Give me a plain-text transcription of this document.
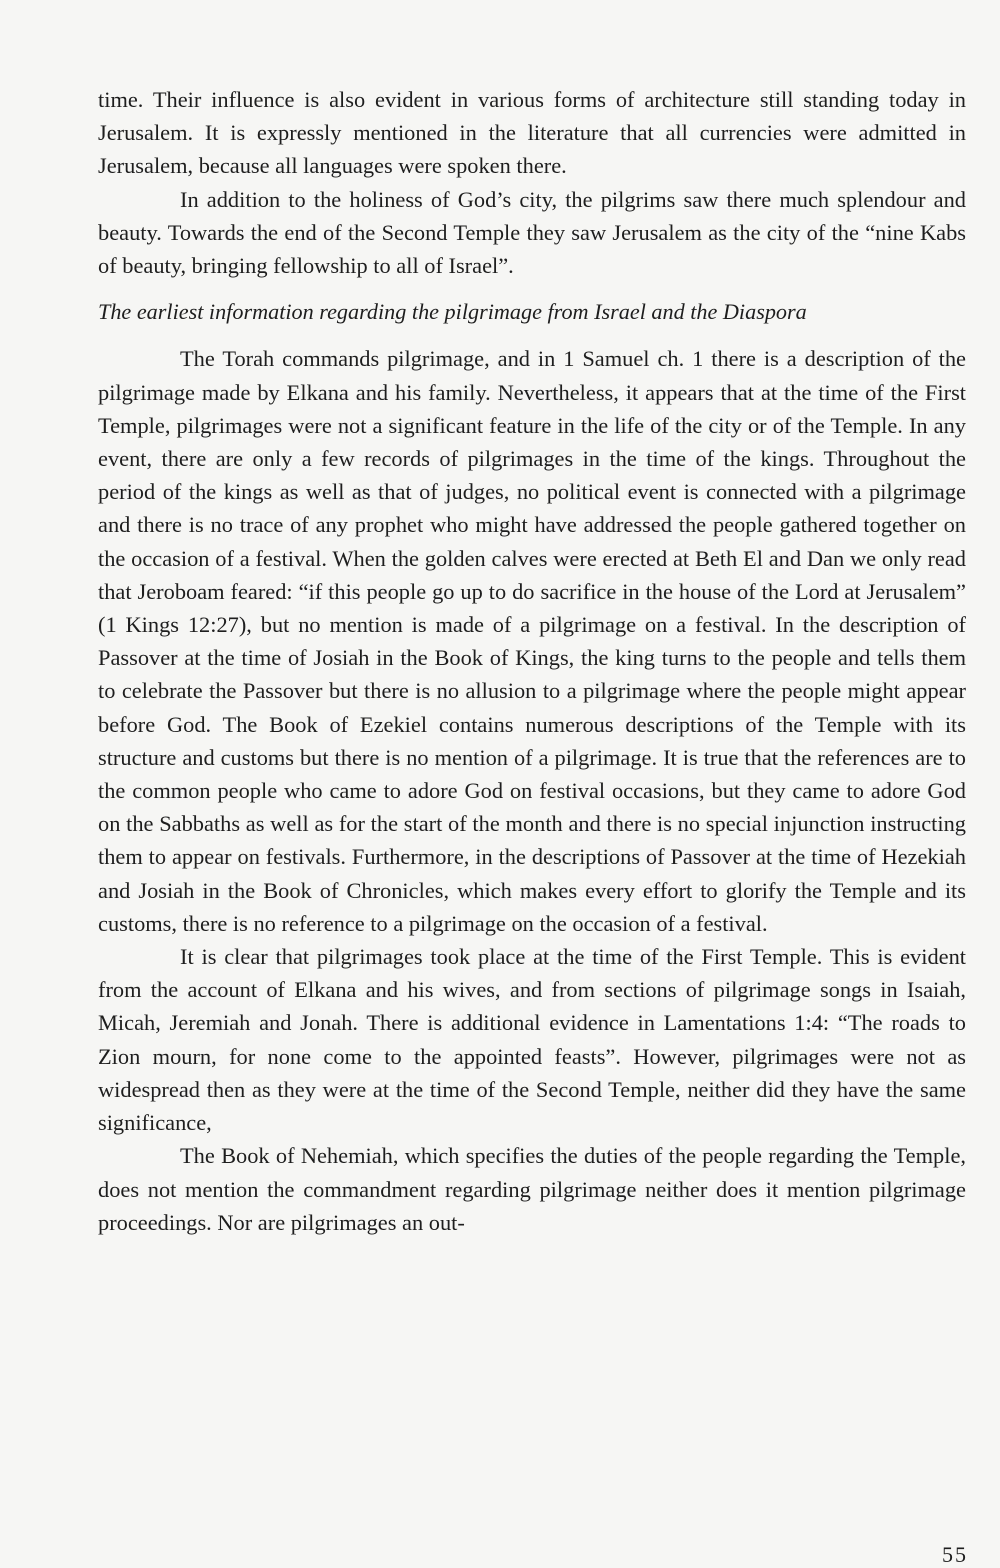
time. Their influence is also evident in various forms of architecture still standing today in Jerusalem. It is expressly mentioned in the literature that all currencies were admitted in Jerusalem, because all languages were spoken there.

In addition to the holiness of God’s city, the pilgrims saw there much splendour and beauty. Towards the end of the Second Temple they saw Jerusalem as the city of the “nine Kabs of beauty, bringing fellowship to all of Israel”.

The earliest information regarding the pilgrimage from Israel and the Diaspora

The Torah commands pilgrimage, and in 1 Samuel ch. 1 there is a description of the pilgrimage made by Elkana and his family. Nevertheless, it appears that at the time of the First Temple, pilgrimages were not a significant feature in the life of the city or of the Temple. In any event, there are only a few records of pilgrimages in the time of the kings. Throughout the period of the kings as well as that of judges, no political event is connected with a pilgrimage and there is no trace of any prophet who might have addressed the people gathered together on the occasion of a festival. When the golden calves were erected at Beth El and Dan we only read that Jeroboam feared: “if this people go up to do sacrifice in the house of the Lord at Jerusalem” (1 Kings 12:27), but no mention is made of a pilgrimage on a festival. In the description of Passover at the time of Josiah in the Book of Kings, the king turns to the people and tells them to celebrate the Passover but there is no allusion to a pilgrimage where the people might appear before God. The Book of Ezekiel contains numerous descriptions of the Temple with its structure and customs but there is no mention of a pilgrimage. It is true that the references are to the common people who came to adore God on festival occasions, but they came to adore God on the Sabbaths as well as for the start of the month and there is no special injunction instructing them to appear on festivals. Furthermore, in the descriptions of Passover at the time of Hezekiah and Josiah in the Book of Chronicles, which makes every effort to glorify the Temple and its customs, there is no reference to a pilgrimage on the occasion of a festival.

It is clear that pilgrimages took place at the time of the First Temple. This is evident from the account of Elkana and his wives, and from sections of pilgrimage songs in Isaiah, Micah, Jeremiah and Jonah. There is additional evidence in Lamentations 1:4: “The roads to Zion mourn, for none come to the appointed feasts”. However, pilgrimages were not as widespread then as they were at the time of the Second Temple, neither did they have the same significance,

The Book of Nehemiah, which specifies the duties of the people regarding the Temple, does not mention the commandment regarding pilgrimage neither does it mention pilgrimage proceedings. Nor are pilgrimages an out-

55
